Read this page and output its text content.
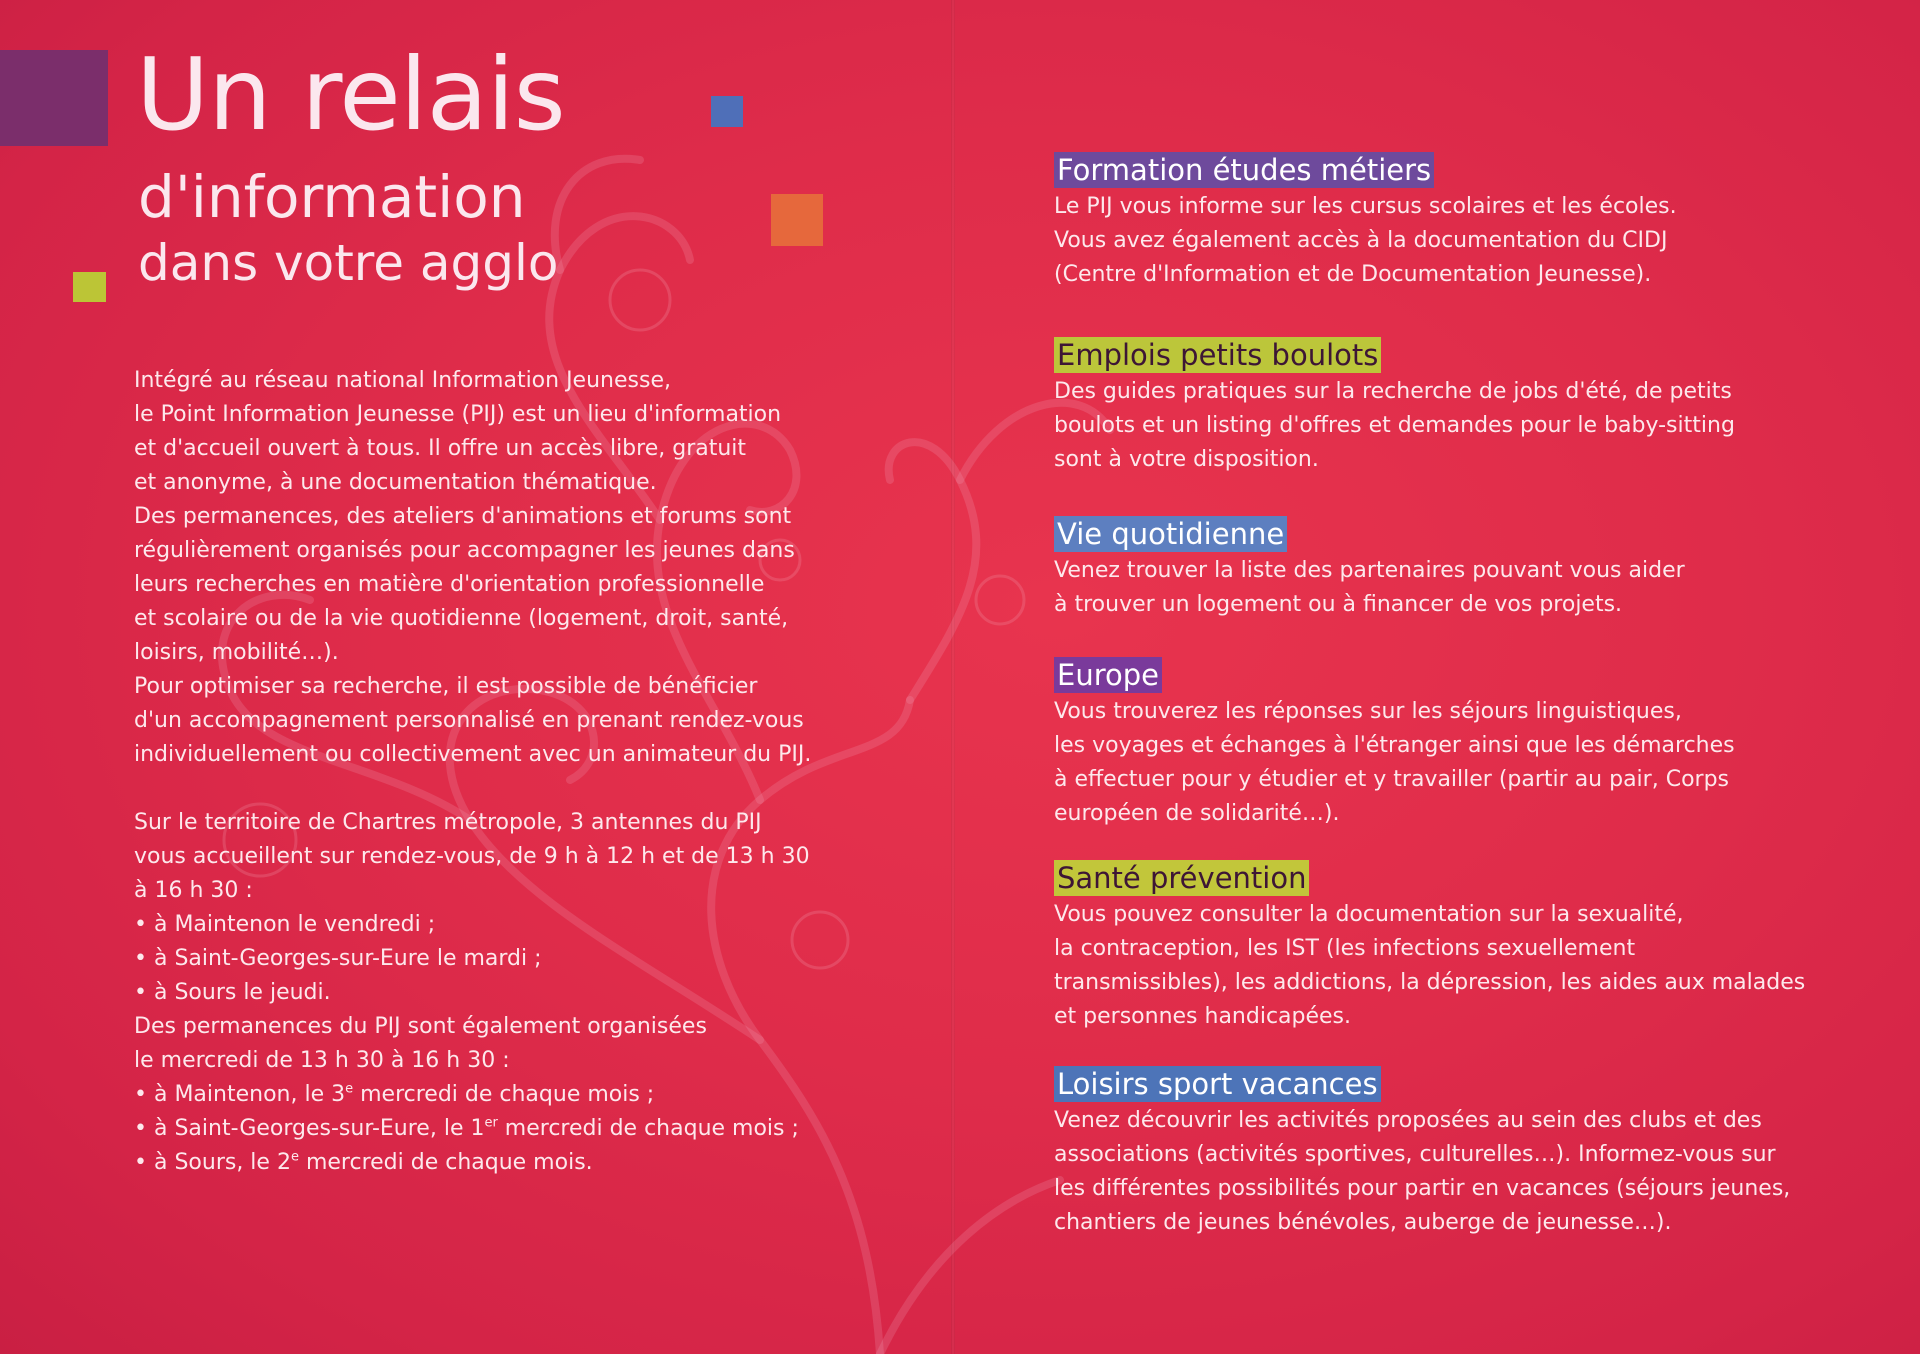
Un relais
d'information
dans votre agglo

Intégré au réseau national Information Jeunesse,

le Point Information Jeunesse (PIJ) est un lieu d'information

et d'accueil ouvert à tous. Il offre un accès libre, gratuit

et anonyme, à une documentation thématique.

Des permanences, des ateliers d'animations et forums sont

régulièrement organisés pour accompagner les jeunes dans

leurs recherches en matière d'orientation professionnelle

et scolaire ou de la vie quotidienne (logement, droit, santé,

loisirs, mobilité…).

Pour optimiser sa recherche, il est possible de bénéficier

d'un accompagnement personnalisé en prenant rendez-vous

individuellement ou collectivement avec un animateur du PIJ.

Sur le territoire de Chartres métropole, 3 antennes du PIJ

vous accueillent sur rendez-vous, de 9 h à 12 h et de 13 h 30

à 16 h 30 :

• à Maintenon le vendredi ;

• à Saint-Georges-sur-Eure le mardi ;

• à Sours le jeudi.

Des permanences du PIJ sont également organisées

le mercredi de 13 h 30 à 16 h 30 :

• à Maintenon, le 3e mercredi de chaque mois ;

• à Saint-Georges-sur-Eure, le 1er mercredi de chaque mois ;

• à Sours, le 2e mercredi de chaque mois.

Formation études métiers

Le PIJ vous informe sur les cursus scolaires et les écoles.

Vous avez également accès à la documentation du CIDJ

(Centre d'Information et de Documentation Jeunesse).

Emplois petits boulots

Des guides pratiques sur la recherche de jobs d'été, de petits

boulots et un listing d'offres et demandes pour le baby-sitting

sont à votre disposition.

Vie quotidienne

Venez trouver la liste des partenaires pouvant vous aider

à trouver un logement ou à financer de vos projets.

Europe

Vous trouverez les réponses sur les séjours linguistiques,

les voyages et échanges à l'étranger ainsi que les démarches

à effectuer pour y étudier et y travailler (partir au pair, Corps

européen de solidarité…).

Santé prévention

Vous pouvez consulter la documentation sur la sexualité,

la contraception, les IST (les infections sexuellement

transmissibles), les addictions, la dépression, les aides aux malades

et personnes handicapées.

Loisirs sport vacances

Venez découvrir les activités proposées au sein des clubs et des

associations (activités sportives, culturelles…). Informez-vous sur

les différentes possibilités pour partir en vacances (séjours jeunes,

chantiers de jeunes bénévoles, auberge de jeunesse…).
